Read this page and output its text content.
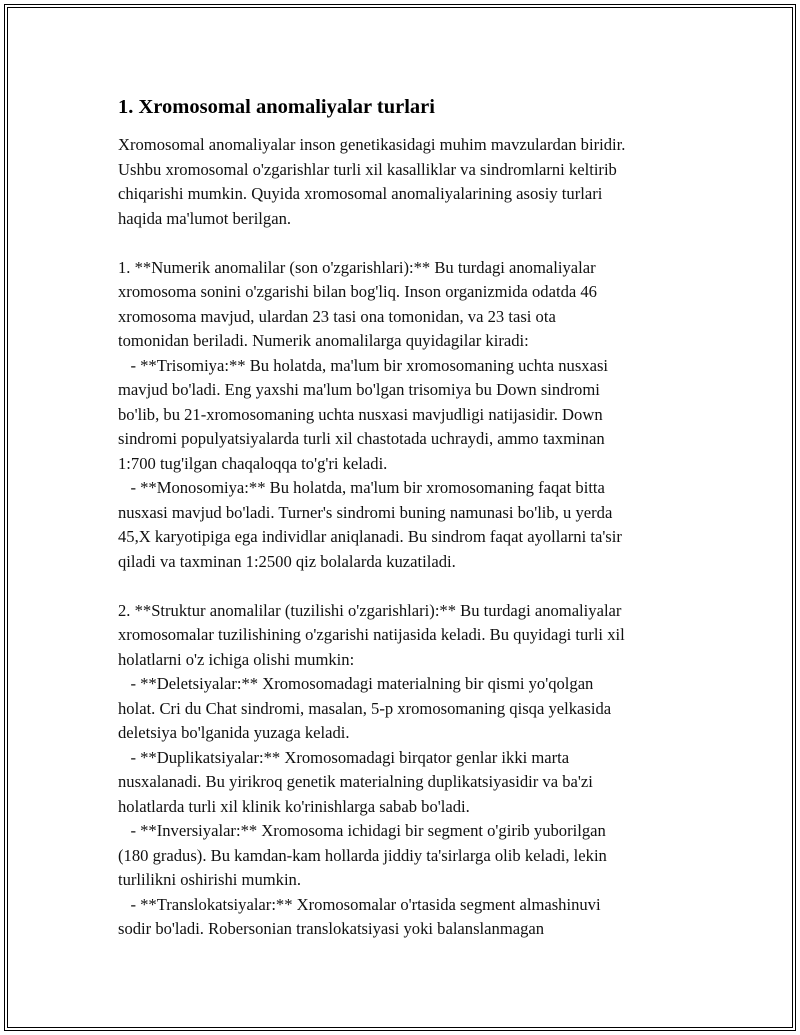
1. Xromosomal anomaliyalar turlari
Xromosomal anomaliyalar inson genetikasidagi muhim mavzulardan biridir.
Ushbu xromosomal o'zgarishlar turli xil kasalliklar va sindromlarni keltirib
chiqarishi mumkin. Quyida xromosomal anomaliyalarining asosiy turlari
haqida ma'lumot berilgan.
1. **Numerik anomalilar (son o'zgarishlari):** Bu turdagi anomaliyalar
xromosoma sonini o'zgarishi bilan bog'liq. Inson organizmida odatda 46
xromosoma mavjud, ulardan 23 tasi ona tomonidan, va 23 tasi ota
tomonidan beriladi. Numerik anomalilarga quyidagilar kiradi:
- **Trisomiya:** Bu holatda, ma'lum bir xromosomaning uchta nusxasi
mavjud bo'ladi. Eng yaxshi ma'lum bo'lgan trisomiya bu Down sindromi
bo'lib, bu 21-xromosomaning uchta nusxasi mavjudligi natijasidir. Down
sindromi populyatsiyalarda turli xil chastotada uchraydi, ammo taxminan
1:700 tug'ilgan chaqaloqqa to'g'ri keladi.
- **Monosomiya:** Bu holatda, ma'lum bir xromosomaning faqat bitta
nusxasi mavjud bo'ladi. Turner's sindromi buning namunasi bo'lib, u yerda
45,X karyotipiga ega individlar aniqlanadi. Bu sindrom faqat ayollarni ta'sir
qiladi va taxminan 1:2500 qiz bolalarda kuzatiladi.
2. **Struktur anomalilar (tuzilishi o'zgarishlari):** Bu turdagi anomaliyalar
xromosomalar tuzilishining o'zgarishi natijasida keladi. Bu quyidagi turli xil
holatlarni o'z ichiga olishi mumkin:
- **Deletsiyalar:** Xromosomadagi materialning bir qismi yo'qolgan
holat. Cri du Chat sindromi, masalan, 5-p xromosomaning qisqa yelkasida
deletsiya bo'lganida yuzaga keladi.
- **Duplikatsiyalar:** Xromosomadagi birqator genlar ikki marta
nusxalanadi. Bu yirikroq genetik materialning duplikatsiyasidir va ba'zi
holatlarda turli xil klinik ko'rinishlarga sabab bo'ladi.
- **Inversiyalar:** Xromosoma ichidagi bir segment o'girib yuborilgan
(180 gradus). Bu kamdan-kam hollarda jiddiy ta'sirlarga olib keladi, lekin
turlilikni oshirishi mumkin.
- **Translokatsiyalar:** Xromosomalar o'rtasida segment almashinuvi
sodir bo'ladi. Robersonian translokatsiyasi yoki balanslanmagan
